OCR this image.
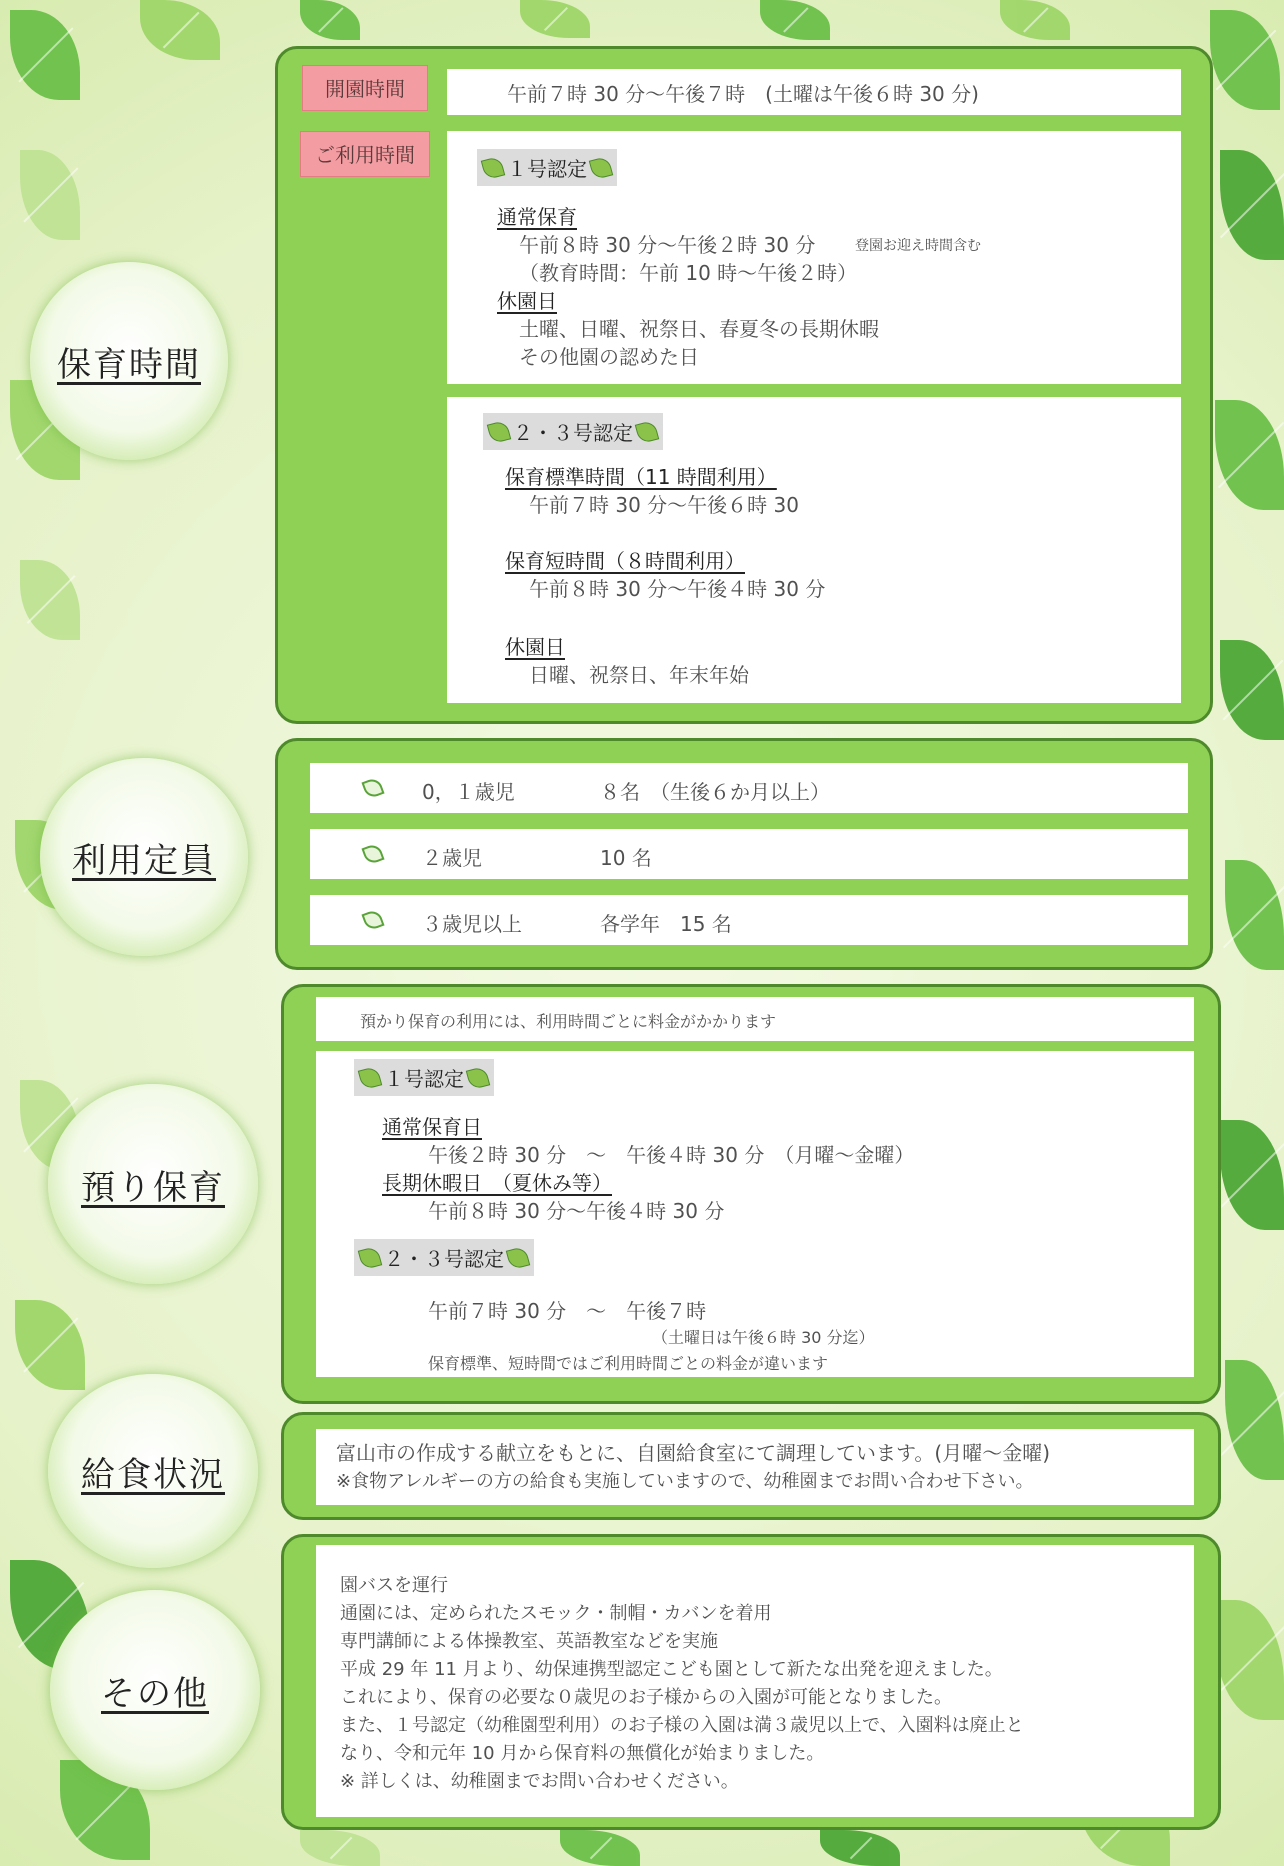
保育時間
開園時間	午前７時 30 分～午後７時　(土曜は午後６時 30 分)
ご利用時間
１号認定
通常保育
午前８時 30 分～午後２時 30 分	登園お迎え時間含む
（教育時間：午前 10 時～午後２時）
休園日
土曜、日曜、祝祭日、春夏冬の長期休暇
その他園の認めた日
２・３号認定
保育標準時間（11 時間利用）
午前７時 30 分～午後６時 30
保育短時間（８時間利用）
午前８時 30 分～午後４時 30 分
休園日
日曜、祝祭日、年末年始
利用定員
0，１歳児	８名　（生後６か月以上）
２歳児	10 名
３歳児以上	各学年　15 名
預り保育
預かり保育の利用には、利用時間ごとに料金がかかります
１号認定
通常保育日
午後２時 30 分　～　午後４時 30 分　（月曜～金曜）
長期休暇日　（夏休み等）
午前８時 30 分～午後４時 30 分
２・３号認定
午前７時 30 分　～　午後７時
（土曜日は午後６時 30 分迄）
保育標準、短時間ではご利用時間ごとの料金が違います
給食状況
富山市の作成する献立をもとに、自園給食室にて調理しています。(月曜～金曜)
※食物アレルギーの方の給食も実施していますので、幼稚園までお問い合わせ下さい。
その他
園バスを運行
通園には、定められたスモック・制帽・カバンを着用
専門講師による体操教室、英語教室などを実施
平成 29 年 11 月より、幼保連携型認定こども園として新たな出発を迎えました。
これにより、保育の必要な０歳児のお子様からの入園が可能となりました。
また、１号認定（幼稚園型利用）のお子様の入園は満３歳児以上で、入園料は廃止と
なり、令和元年 10 月から保育料の無償化が始まりました。
※ 詳しくは、幼稚園までお問い合わせください。
